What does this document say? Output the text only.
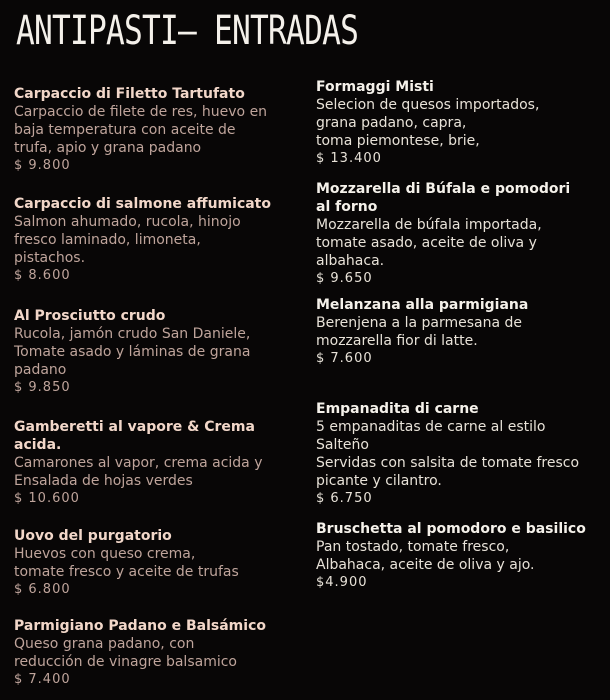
ANTIPASTI— ENTRADAS
Carpaccio di Filetto Tartufato
Carpaccio de filete de res, huevo en
baja temperatura con aceite de
trufa, apio y grana padano
$ 9.800
Carpaccio di salmone affumicato
Salmon ahumado, rucola, hinojo
fresco laminado, limoneta,
pistachos.
$ 8.600
Al Prosciutto crudo
Rucola, jamón crudo San Daniele,
Tomate asado y láminas de grana
padano
$ 9.850
Gamberetti al vapore & Crema
acida.
Camarones al vapor, crema acida y
Ensalada de hojas verdes
$ 10.600
Uovo del purgatorio
Huevos con queso crema,
tomate fresco y aceite de trufas
$ 6.800
Parmigiano Padano e Balsámico
Queso grana padano, con
reducción de vinagre balsamico
$ 7.400
Formaggi Misti
Selecion de quesos importados,
grana padano, capra,
toma piemontese, brie,
$ 13.400
Mozzarella di Búfala e pomodori
al forno
Mozzarella de búfala importada,
tomate asado, aceite de oliva y
albahaca.
$ 9.650
Melanzana alla parmigiana
Berenjena a la parmesana de
mozzarella fior di latte.
$ 7.600
Empanadita di carne
5 empanaditas de carne al estilo
Salteño
Servidas con salsita de tomate fresco
picante y cilantro.
$ 6.750
Bruschetta al pomodoro e basilico
Pan tostado, tomate fresco,
Albahaca, aceite de oliva y ajo.
$4.900
